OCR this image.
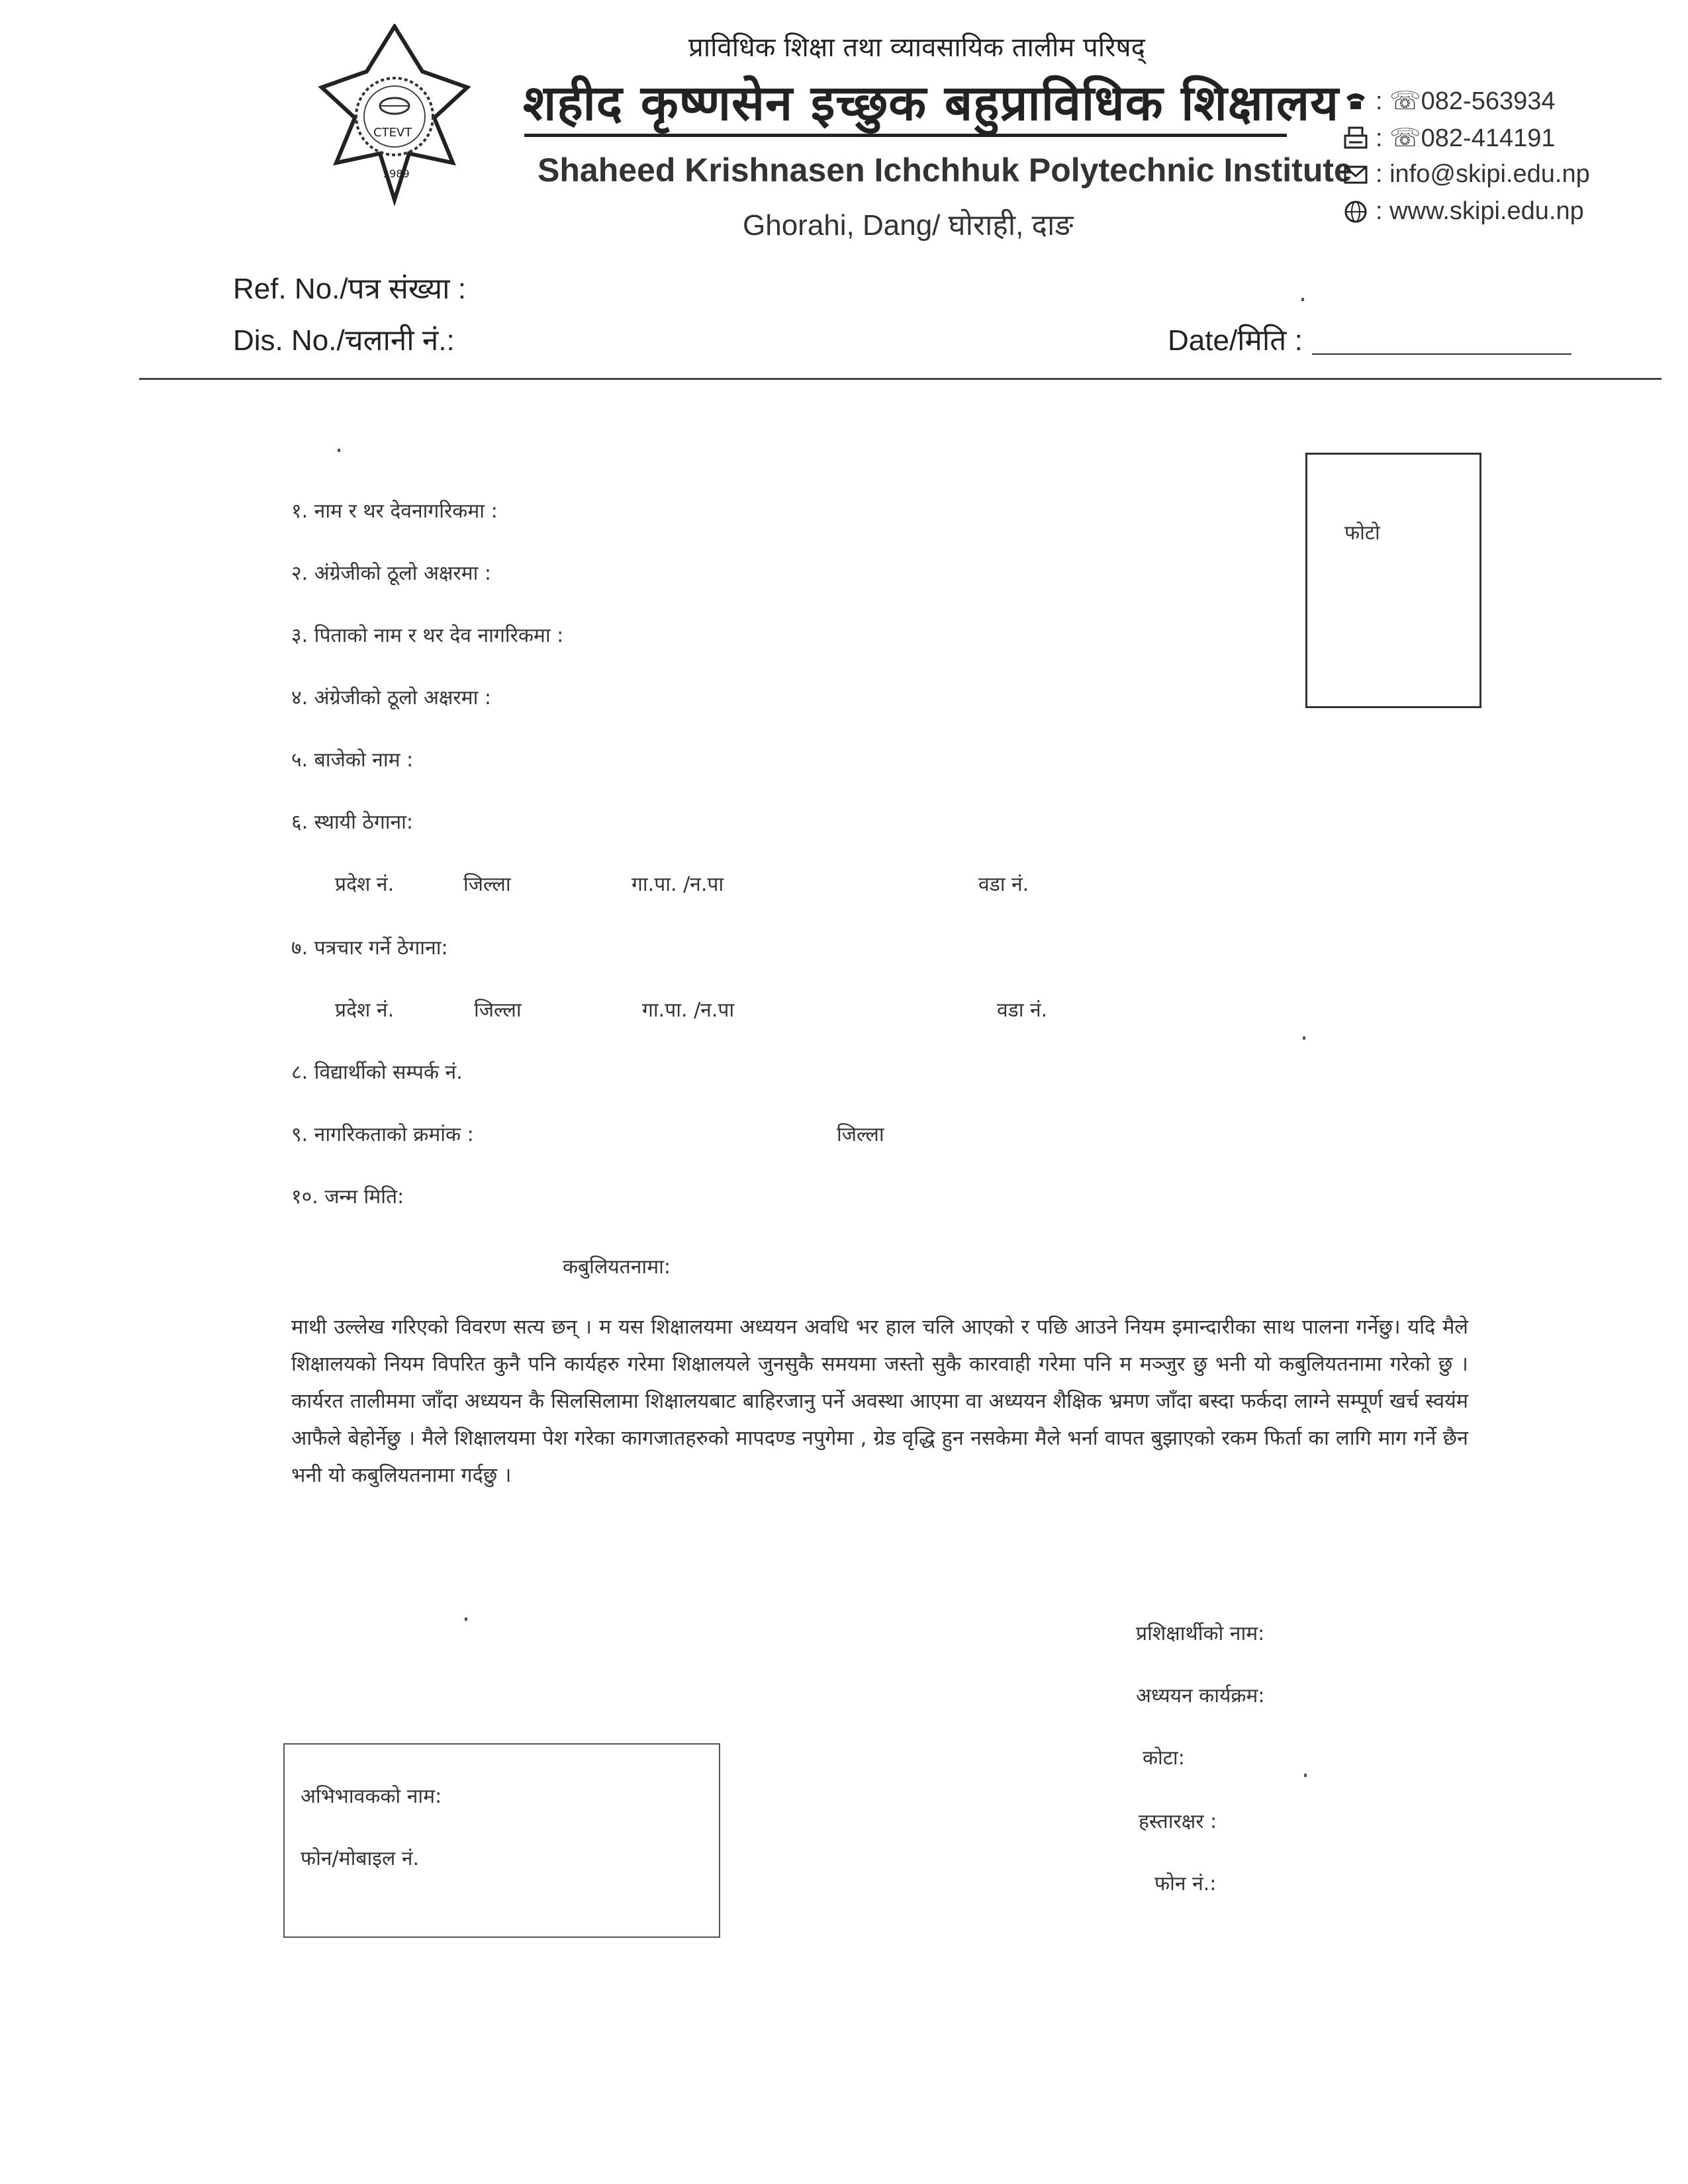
CTEVT
1989
प्राविधिक शिक्षा तथा व्यावसायिक तालीम परिषद्
शहीद कृष्णसेन इच्छुक बहुप्राविधिक शिक्षालय
Shaheed Krishnasen Ichchhuk Polytechnic Institute
Ghorahi, Dang/ घोराही, दाङ
: ☏082-563934
: ☏082-414191
: info@skipi.edu.np
: www.skipi.edu.np
Ref. No./पत्र संख्या :
Dis. No./चलानी नं.:	Date/मिति :
१. नाम र थर देवनागरिकमा :
२. अंग्रेजीको ठूलो अक्षरमा :
३. पिताको नाम र थर देव नागरिकमा :
४. अंग्रेजीको ठूलो अक्षरमा :
५. बाजेको नाम :
६. स्थायी ठेगाना:
प्रदेश नं.	जिल्ला	गा.पा. /न.पा	वडा नं.
७. पत्रचार गर्ने ठेगाना:
प्रदेश नं.	जिल्ला	गा.पा. /न.पा	वडा नं.
८. विद्यार्थीको सम्पर्क नं.
९. नागरिकताको क्रमांक :	जिल्ला
१०. जन्म मिति:
फोटो
कबुलियतनामा:
माथी उल्लेख गरिएको विवरण सत्य छन् । म यस शिक्षालयमा अध्ययन अवधि भर हाल चलि आएको र पछि आउने नियम इमान्दारीका साथ पालना गर्नेछु। यदि मैले शिक्षालयको नियम विपरित कुनै पनि कार्यहरु गरेमा शिक्षालयले जुनसुकै समयमा जस्तो सुकै कारवाही गरेमा पनि म मञ्जुर छु भनी यो कबुलियतनामा गरेको छु । कार्यरत तालीममा जाँदा अध्ययन कै सिलसिलामा शिक्षालयबाट बाहिरजानु पर्ने अवस्था आएमा वा अध्ययन शैक्षिक भ्रमण जाँदा बस्दा फर्कदा लाग्ने सम्पूर्ण खर्च स्वयंम आफैले बेहोर्नेछु । मैले शिक्षालयमा पेश गरेका कागजातहरुको मापदण्ड नपुगेमा , ग्रेड वृद्धि हुन नसकेमा मैले भर्ना वापत बुझाएको रकम फिर्ता का लागि माग गर्ने छैन भनी यो कबुलियतनामा गर्दछु ।
प्रशिक्षार्थीको नाम:
अध्ययन कार्यक्रम:
कोटा:
हस्तारक्षर :
फोन नं.:
अभिभावकको नाम:
फोन/मोबाइल नं.
